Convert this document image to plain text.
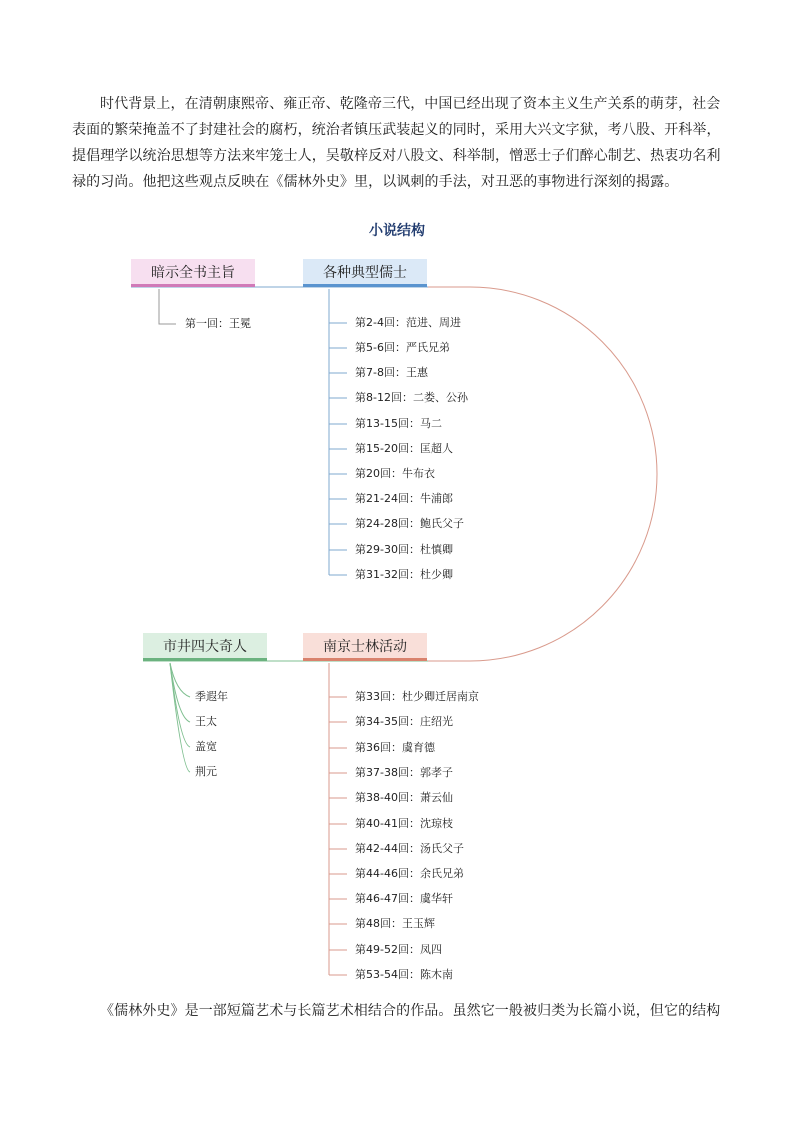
时代背景上，在清朝康熙帝、雍正帝、乾隆帝三代，中国已经出现了资本主义生产关系的萌芽，社会
表面的繁荣掩盖不了封建社会的腐朽，统治者镇压武装起义的同时，采用大兴文字狱，考八股、开科举，
提倡理学以统治思想等方法来牢笼士人，吴敬梓反对八股文、科举制，憎恶士子们醉心制艺、热衷功名利
禄的习尚。他把这些观点反映在《儒林外史》里，以讽刺的手法，对丑恶的事物进行深刻的揭露。
小说结构
暗示全书主旨	各种典型儒士
市井四大奇人	南京士林活动
第一回：王冕	第2-4回：范进、周进
第5-6回：严氏兄弟
第7-8回：王惠
第8-12回：二娄、公孙
第13-15回：马二
第15-20回：匡超人
第20回：牛布衣
第21-24回：牛浦郎
第24-28回：鲍氏父子
第29-30回：杜慎卿
第31-32回：杜少卿
季遐年
王太
盖宽
荆元
第33回：杜少卿迁居南京
第34-35回：庄绍光
第36回：虞育德
第37-38回：郭孝子
第38-40回：萧云仙
第40-41回：沈琼枝
第42-44回：汤氏父子
第44-46回：余氏兄弟
第46-47回：虞华轩
第48回：王玉辉
第49-52回：凤四
第53-54回：陈木南
《儒林外史》是一部短篇艺术与长篇艺术相结合的作品。虽然它一般被归类为长篇小说，但它的结构
